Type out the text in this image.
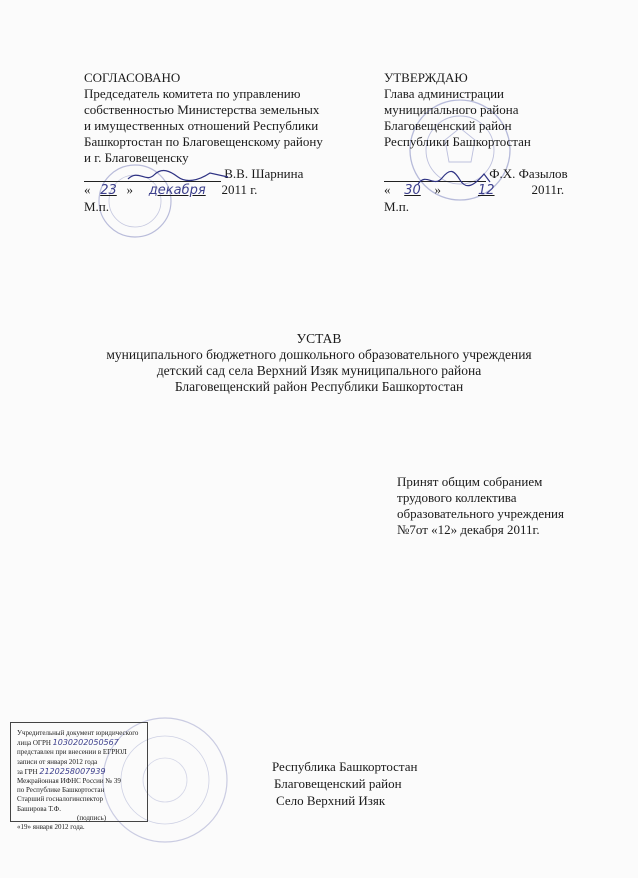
СОГЛАСОВАНО
Председатель комитета по управлению
собственностью Министерства земельных
и имущественных отношений Республики
Башкортостан по Благовещенскому району
и г. Благовещенску
В.В. Шарнина
« 23 » декабря 2011 г.
М.п.
УТВЕРЖДАЮ
Глава администрации
муниципального района
Благовещенский район
Республики Башкортостан
Ф.Х. Фазылов
« 30 »	12	2011г.
М.п.
УСТАВ
муниципального бюджетного дошкольного образовательного учреждения
детский сад села Верхний Изяк муниципального района
Благовещенский район Республики Башкортостан
Принят общим собранием
трудового коллектива
образовательного учреждения
№7от «12» декабря 2011г.
Учредительный документ юридического
лица ОГРН 1030202050567
представлен при внесении в ЕГРЮЛ
записи от января 2012 года
за ГРН 2120258007939
Межрайонная ИФНС России № 39
по Республике Башкортостан
Старший госналогинспектор
Баширова Т.Ф.
(подпись)
«19» января 2012 года.
Республика Башкортостан
Благовещенский район
Село Верхний Изяк
